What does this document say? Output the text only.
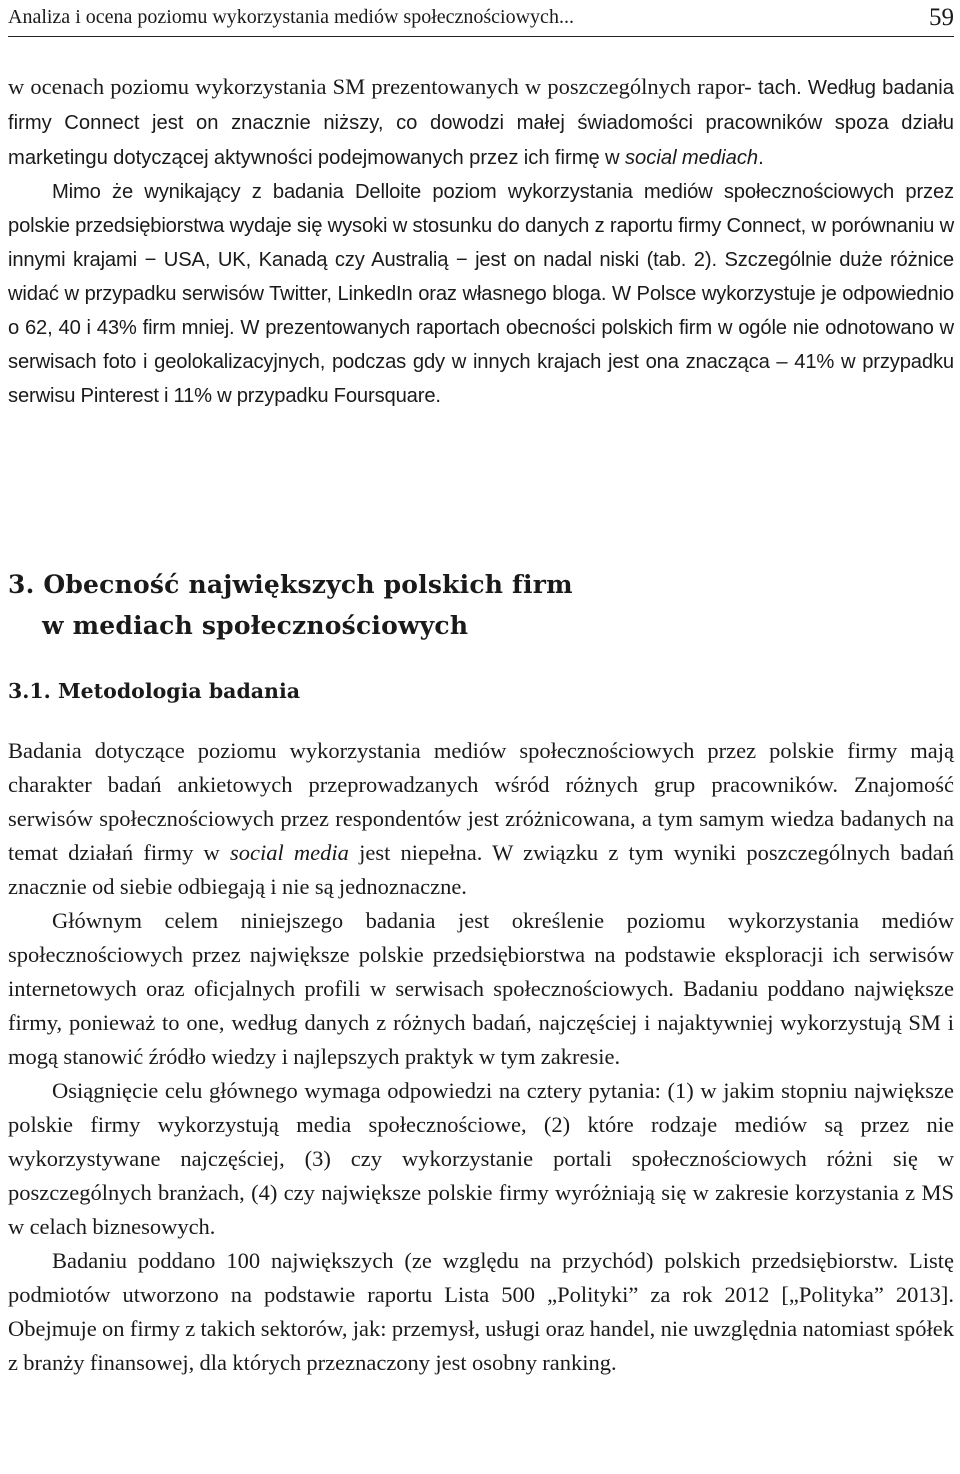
Analiza i ocena poziomu wykorzystania mediów społecznościowych...	59

w ocenach poziomu wykorzystania SM prezentowanych w poszczególnych rapor- tach. Według badania firmy Connect jest on znacznie niższy, co dowodzi małej świadomości pracowników spoza działu marketingu dotyczącej aktywności podejmowanych przez ich firmę w social mediach.

Mimo że wynikający z badania Delloite poziom wykorzystania mediów społecznościowych przez polskie przedsiębiorstwa wydaje się wysoki w stosunku do danych z raportu firmy Connect, w porównaniu w innymi krajami − USA, UK, Kanadą czy Australią − jest on nadal niski (tab. 2). Szczególnie duże różnice widać w przypadku serwisów Twitter, LinkedIn oraz własnego bloga. W Polsce wykorzystuje je odpowiednio o 62, 40 i 43% firm mniej. W prezentowanych raportach obecności polskich firm w ogóle nie odnotowano w serwisach foto i geolokalizacyjnych, podczas gdy w innych krajach jest ona znacząca – 41% w przypadku serwisu Pinterest i 11% w przypadku Foursquare.

3. Obecność największych polskich firm
w mediach społecznościowych
3.1. Metodologia badania

Badania dotyczące poziomu wykorzystania mediów społecznościowych przez polskie firmy mają charakter badań ankietowych przeprowadzanych wśród różnych grup pracowników. Znajomość serwisów społecznościowych przez respondentów jest zróżnicowana, a tym samym wiedza badanych na temat działań firmy w social media jest niepełna. W związku z tym wyniki poszczególnych badań znacznie od siebie odbiegają i nie są jednoznaczne.

Głównym celem niniejszego badania jest określenie poziomu wykorzystania mediów społecznościowych przez największe polskie przedsiębiorstwa na podstawie eksploracji ich serwisów internetowych oraz oficjalnych profili w serwisach społecznościowych. Badaniu poddano największe firmy, ponieważ to one, według danych z różnych badań, najczęściej i najaktywniej wykorzystują SM i mogą stanowić źródło wiedzy i najlepszych praktyk w tym zakresie.

Osiągnięcie celu głównego wymaga odpowiedzi na cztery pytania: (1) w jakim stopniu największe polskie firmy wykorzystują media społecznościowe, (2) które rodzaje mediów są przez nie wykorzystywane najczęściej, (3) czy wykorzystanie portali społecznościowych różni się w poszczególnych branżach, (4) czy największe polskie firmy wyróżniają się w zakresie korzystania z MS w celach biznesowych.

Badaniu poddano 100 największych (ze względu na przychód) polskich przedsiębiorstw. Listę podmiotów utworzono na podstawie raportu Lista 500 „Polityki” za rok 2012 [„Polityka” 2013]. Obejmuje on firmy z takich sektorów, jak: przemysł, usługi oraz handel, nie uwzględnia natomiast spółek z branży finansowej, dla których przeznaczony jest osobny ranking.
